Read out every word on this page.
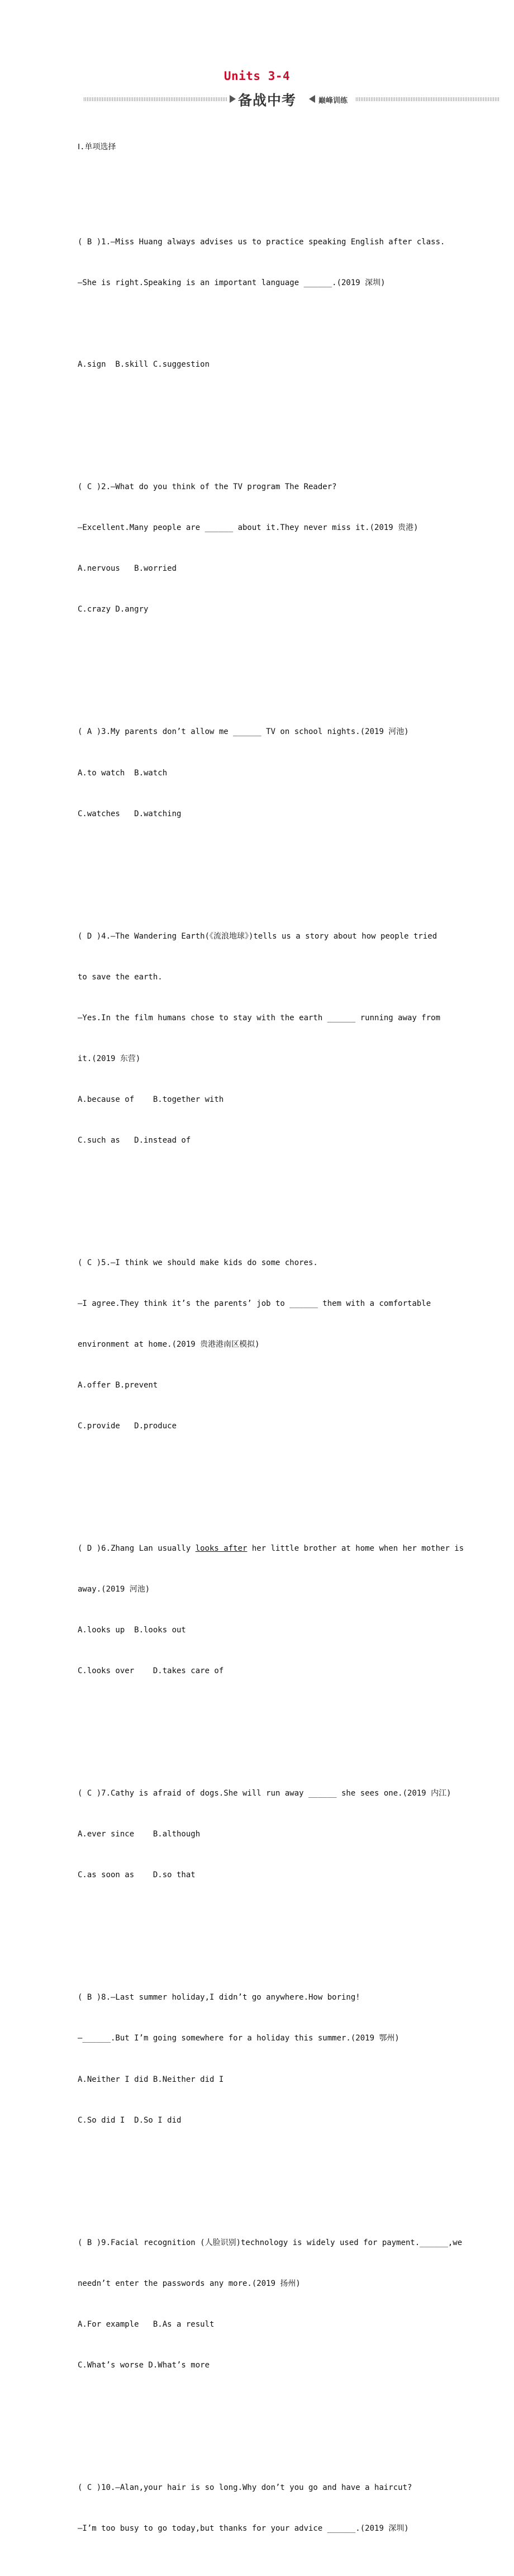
Units 3-4
备战中考	巅峰训练

Ⅰ.单项选择

( B )1.—Miss Huang always advises us to practice speaking English after class.

—She is right.Speaking is an important language ______.(2019 深圳)

A.sign  B.skill C.suggestion

( C )2.—What do you think of the TV program The Reader?

—Excellent.Many people are ______ about it.They never miss it.(2019 贵港)

A.nervous   B.worried

C.crazy D.angry

( A )3.My parents don’t allow me ______ TV on school nights.(2019 河池)

A.to watch  B.watch

C.watches   D.watching

( D )4.—The Wandering Earth(《流浪地球》)tells us a story about how people tried

to save the earth.

—Yes.In the film humans chose to stay with the earth ______ running away from

it.(2019 东营)

A.because of    B.together with

C.such as   D.instead of

( C )5.—I think we should make kids do some chores.

—I agree.They think it’s the parents’ job to ______ them with a comfortable

environment at home.(2019 贵港港南区模拟)

A.offer B.prevent

C.provide   D.produce

( D )6.Zhang Lan usually looks after her little brother at home when her mother is

away.(2019 河池)

A.looks up  B.looks out

C.looks over    D.takes care of

( C )7.Cathy is afraid of dogs.She will run away ______ she sees one.(2019 内江)

A.ever since    B.although

C.as soon as    D.so that

( B )8.—Last summer holiday,I didn’t go anywhere.How boring!

—______.But I’m going somewhere for a holiday this summer.(2019 鄂州)

A.Neither I did B.Neither did I

C.So did I  D.So I did

( B )9.Facial recognition (人脸识别)technology is widely used for payment.______,we

needn’t enter the passwords any more.(2019 扬州)

A.For example   B.As a result

C.What’s worse D.What’s more

( C )10.—Alan,your hair is so long.Why don’t you go and have a haircut?

—I’m too busy to go today,but thanks for your advice ______.(2019 深圳)
